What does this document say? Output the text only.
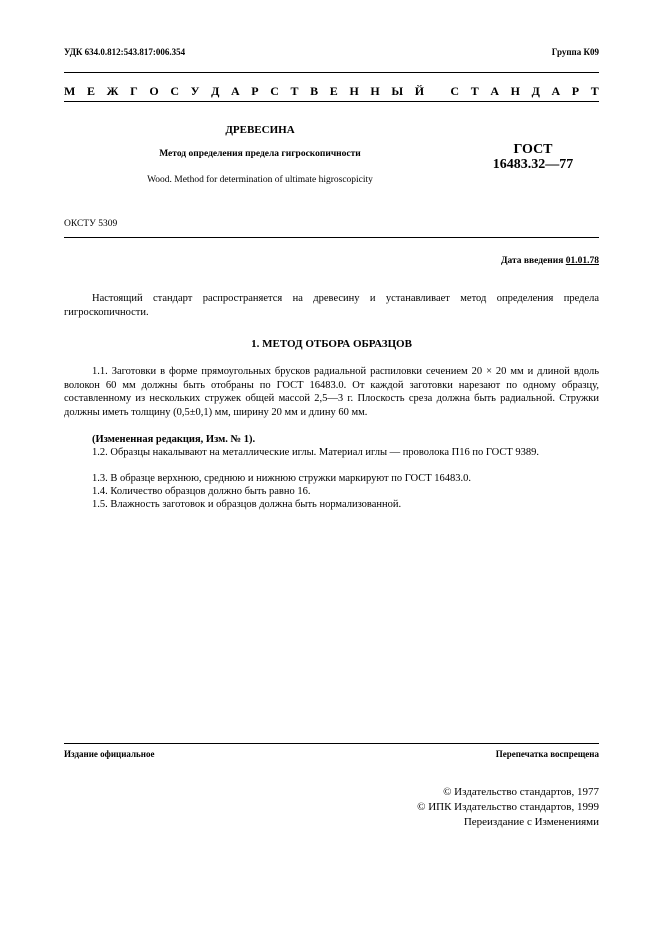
УДК 634.0.812:543.817:006.354	Группа К09
М Е Ж Г О С У Д А Р С Т В Е Н Н Ы Й
С Т А Н Д А Р Т
ДРЕВЕСИНА
Метод определения предела гигроскопичности
Wood. Method for determination of ultimate higroscopicity
ГОСТ
16483.32—77
ОКСТУ 5309
Дата введения 01.01.78
Настоящий стандарт распространяется на древесину и устанавливает метод определения предела гигроскопичности.
1. МЕТОД ОТБОРА ОБРАЗЦОВ
1.1. Заготовки в форме прямоугольных брусков радиальной распиловки сечением 20 × 20 мм и длиной вдоль волокон 60 мм должны быть отобраны по ГОСТ 16483.0. От каждой заготовки нарезают по одному образцу, составленному из нескольких стружек общей массой 2,5—3 г. Плоскость среза должна быть радиальной. Стружки должны иметь толщину (0,5±0,1) мм, ширину 20 мм и длину 60 мм.
(Измененная редакция, Изм. № 1).
1.2. Образцы накалывают на металлические иглы. Материал иглы — проволока П16 по ГОСТ 9389.
1.3. В образце верхнюю, среднюю и нижнюю стружки маркируют по ГОСТ 16483.0.
1.4. Количество образцов должно быть равно 16.
1.5. Влажность заготовок и образцов должна быть нормализованной.
Издание официальное	Перепечатка воспрещена
© Издательство стандартов, 1977
© ИПК Издательство стандартов, 1999
Переиздание с Изменениями
